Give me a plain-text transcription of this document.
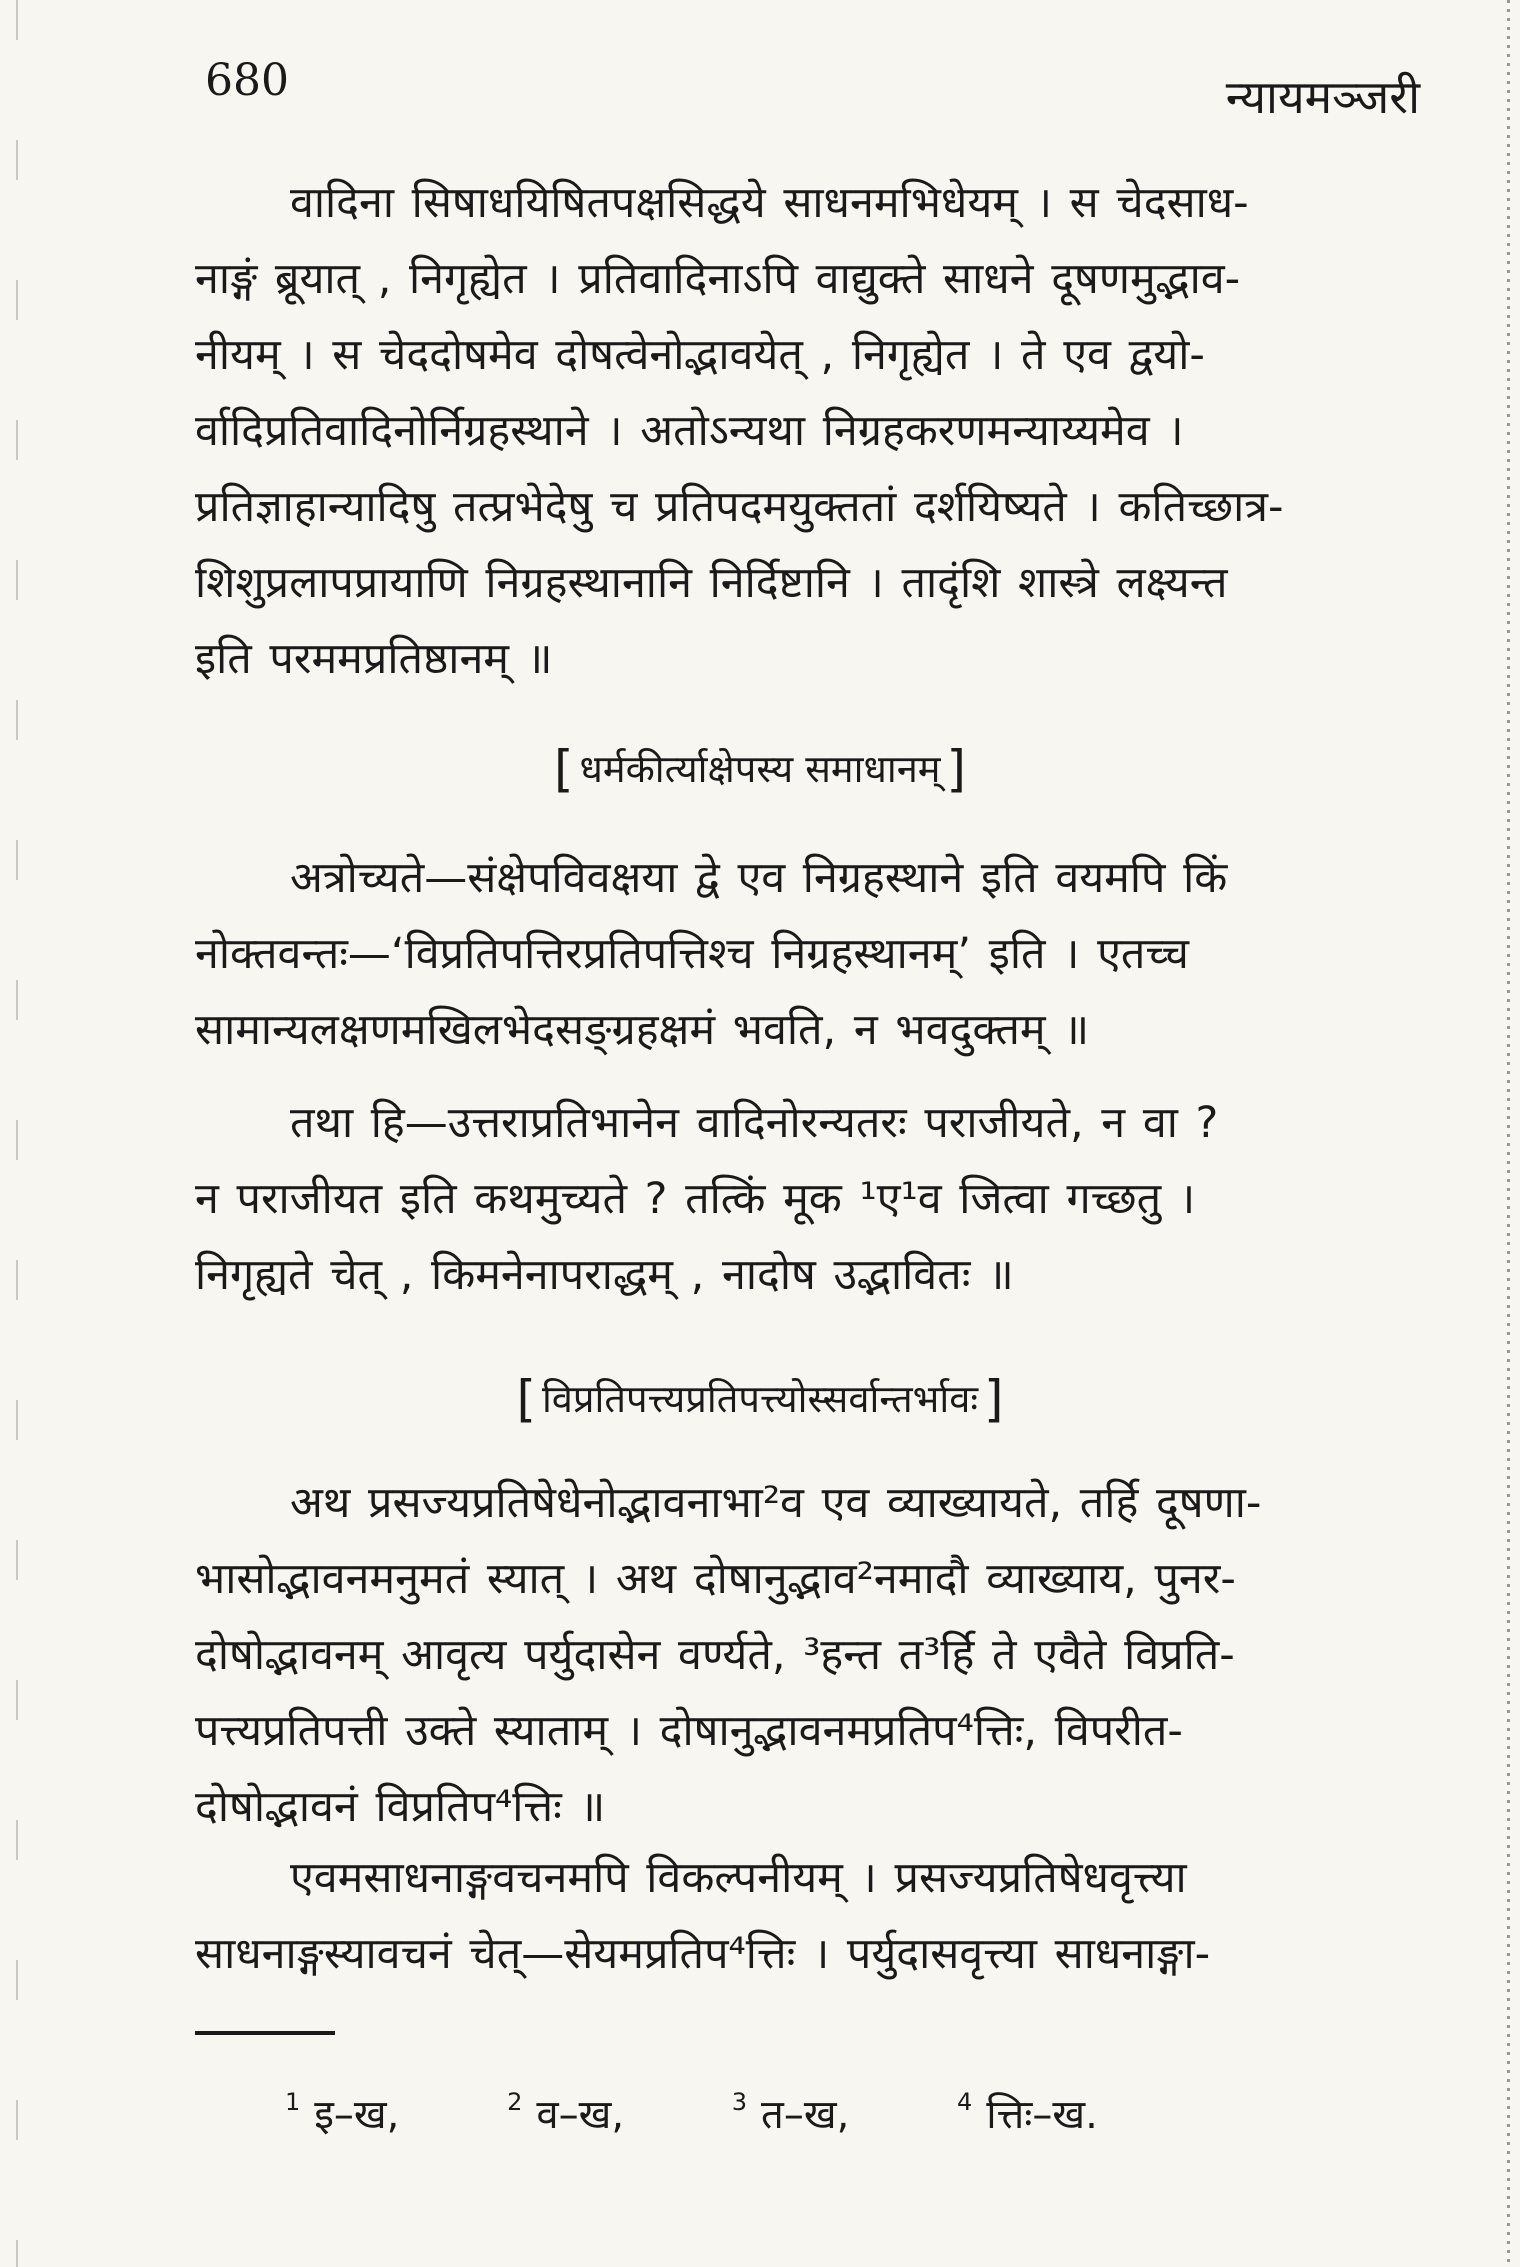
680	न्यायमञ्जरी
वादिना सिषाधयिषितपक्षसिद्धये साधनमभिधेयम् । स चेदसाध-
नाङ्गं ब्रूयात् , निगृह्येत । प्रतिवादिनाऽपि वाद्युक्ते साधने दूषणमुद्भाव-
नीयम् । स चेददोषमेव दोषत्वेनोद्भावयेत् , निगृह्येत । ते एव द्वयो-
र्वादिप्रतिवादिनोर्निग्रहस्थाने । अतोऽन्यथा निग्रहकरणमन्याय्यमेव ।
प्रतिज्ञाहान्यादिषु तत्प्रभेदेषु च प्रतिपदमयुक्ततां दर्शयिष्यते । कतिच्छात्र-
शिशुप्रलापप्रायाणि निग्रहस्थानानि निर्दिष्टानि । तादृंशि शास्त्रे लक्ष्यन्त
इति परममप्रतिष्ठानम् ॥
[ धर्मकीर्त्याक्षेपस्य समाधानम् ]
अत्रोच्यते—संक्षेपविवक्षया द्वे एव निग्रहस्थाने इति वयमपि किं
नोक्तवन्तः—‘विप्रतिपत्तिरप्रतिपत्तिश्च निग्रहस्थानम्’ इति । एतच्च
सामान्यलक्षणमखिलभेदसङ्ग्रहक्षमं भवति, न भवदुक्तम् ॥
तथा हि—उत्तराप्रतिभानेन वादिनोरन्यतरः पराजीयते, न वा ?
न पराजीयत इति कथमुच्यते ? तत्किं मूक ¹ए¹व जित्वा गच्छतु ।
निगृह्यते चेत् , किमनेनापराद्धम् , नादोष उद्भावितः ॥
[ विप्रतिपत्त्यप्रतिपत्त्योस्सर्वान्तर्भावः ]
अथ प्रसज्यप्रतिषेधेनोद्भावनाभा²व एव व्याख्यायते, तर्हि दूषणा-
भासोद्भावनमनुमतं स्यात् । अथ दोषानुद्भाव²नमादौ व्याख्याय, पुनर-
दोषोद्भावनम् आवृत्य पर्युदासेन वर्ण्यते, ³हन्त त³र्हि ते एवैते विप्रति-
पत्त्यप्रतिपत्ती उक्ते स्याताम् । दोषानुद्भावनमप्रतिप⁴त्तिः, विपरीत-
दोषोद्भावनं विप्रतिप⁴त्तिः ॥
एवमसाधनाङ्गवचनमपि विकल्पनीयम् । प्रसज्यप्रतिषेधवृत्त्या
साधनाङ्गस्यावचनं चेत्—सेयमप्रतिप⁴त्तिः । पर्युदासवृत्त्या साधनाङ्गा-
$^1$ इ–ख,	$^2$ व–ख,	$^3$ त–ख,	$^4$ त्तिः–ख.
